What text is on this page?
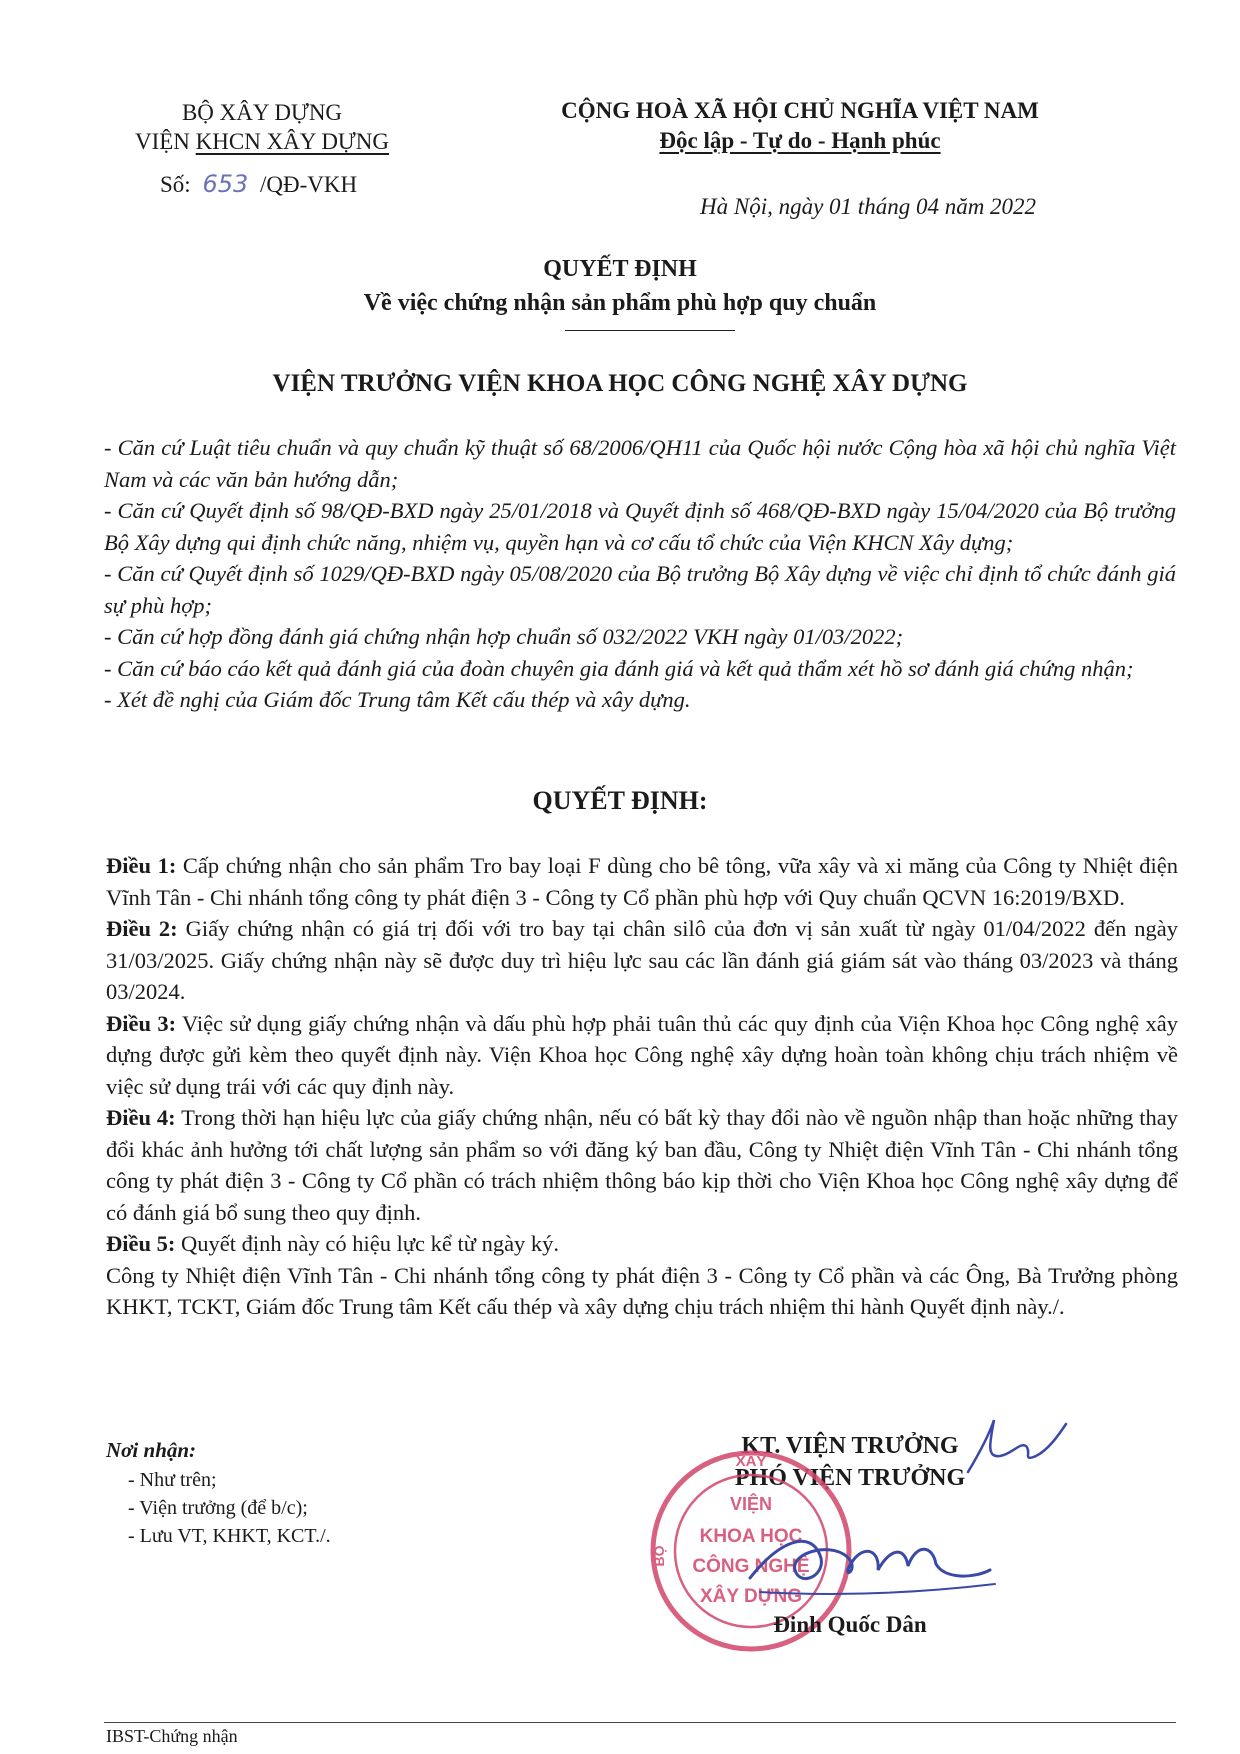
BỘ XÂY DỰNG
VIỆN KHCN XÂY DỰNG
Số: 653 /QĐ-VKH
CỘNG HOÀ XÃ HỘI CHỦ NGHĨA VIỆT NAM
Độc lập - Tự do - Hạnh phúc
Hà Nội, ngày 01 tháng 04 năm 2022
QUYẾT ĐỊNH
Về việc chứng nhận sản phẩm phù hợp quy chuẩn
VIỆN TRƯỞNG VIỆN KHOA HỌC CÔNG NGHỆ XÂY DỰNG

- Căn cứ Luật tiêu chuẩn và quy chuẩn kỹ thuật số 68/2006/QH11 của Quốc hội nước Cộng hòa xã hội chủ nghĩa Việt Nam và các văn bản hướng dẫn;

- Căn cứ Quyết định số 98/QĐ-BXD ngày 25/01/2018 và Quyết định số 468/QĐ-BXD ngày 15/04/2020 của Bộ trưởng Bộ Xây dựng qui định chức năng, nhiệm vụ, quyền hạn và cơ cấu tổ chức của Viện KHCN Xây dựng;

- Căn cứ Quyết định số 1029/QĐ-BXD ngày 05/08/2020 của Bộ trưởng Bộ Xây dựng về việc chỉ định tổ chức đánh giá sự phù hợp;

- Căn cứ hợp đồng đánh giá chứng nhận hợp chuẩn số 032/2022 VKH ngày 01/03/2022;

- Căn cứ báo cáo kết quả đánh giá của đoàn chuyên gia đánh giá và kết quả thẩm xét hồ sơ đánh giá chứng nhận;

- Xét đề nghị của Giám đốc Trung tâm Kết cấu thép và xây dựng.

QUYẾT ĐỊNH:

Điều 1: Cấp chứng nhận cho sản phẩm Tro bay loại F dùng cho bê tông, vữa xây và xi măng của Công ty Nhiệt điện Vĩnh Tân - Chi nhánh tổng công ty phát điện 3 - Công ty Cổ phần phù hợp với Quy chuẩn QCVN 16:2019/BXD.

Điều 2: Giấy chứng nhận có giá trị đối với tro bay tại chân silô của đơn vị sản xuất từ ngày 01/04/2022 đến ngày 31/03/2025. Giấy chứng nhận này sẽ được duy trì hiệu lực sau các lần đánh giá giám sát vào tháng 03/2023 và tháng 03/2024.

Điều 3: Việc sử dụng giấy chứng nhận và dấu phù hợp phải tuân thủ các quy định của Viện Khoa học Công nghệ xây dựng được gửi kèm theo quyết định này. Viện Khoa học Công nghệ xây dựng hoàn toàn không chịu trách nhiệm về việc sử dụng trái với các quy định này.

Điều 4: Trong thời hạn hiệu lực của giấy chứng nhận, nếu có bất kỳ thay đổi nào về nguồn nhập than hoặc những thay đổi khác ảnh hưởng tới chất lượng sản phẩm so với đăng ký ban đầu, Công ty Nhiệt điện Vĩnh Tân - Chi nhánh tổng công ty phát điện 3 - Công ty Cổ phần có trách nhiệm thông báo kịp thời cho Viện Khoa học Công nghệ xây dựng để có đánh giá bổ sung theo quy định.

Điều 5: Quyết định này có hiệu lực kể từ ngày ký.

Công ty Nhiệt điện Vĩnh Tân - Chi nhánh tổng công ty phát điện 3 - Công ty Cổ phần và các Ông, Bà Trưởng phòng KHKT, TCKT, Giám đốc Trung tâm Kết cấu thép và xây dựng chịu trách nhiệm thi hành Quyết định này./.

Nơi nhận:
- Như trên;
- Viện trưởng (để b/c);
- Lưu VT, KHKT, KCT./.
KT. VIỆN TRƯỞNG
PHÓ VIỆN TRƯỞNG
XÂY
BỘ
VIỆN
KHOA HỌC
CÔNG NGHỆ
XÂY DỰNG
Đinh Quốc Dân
IBST-Chứng nhận
